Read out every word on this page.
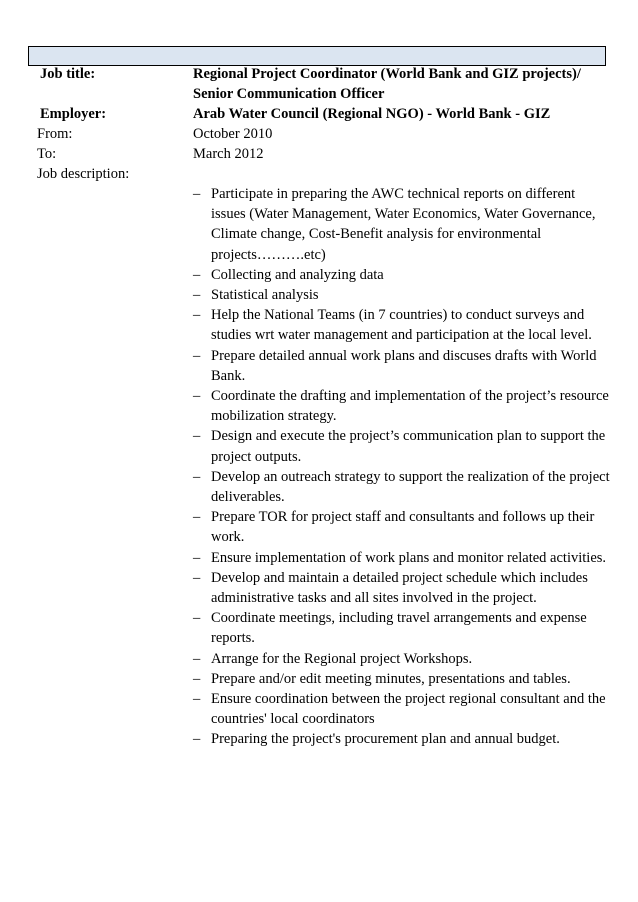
Job title:	Regional Project Coordinator (World Bank and GIZ projects)/ Senior Communication Officer
Employer:	Arab Water Council (Regional NGO) - World Bank - GIZ
From:	October 2010
To:	March 2012
Job description:
– Participate in preparing the AWC technical reports on different issues (Water Management, Water Economics, Water Governance, Climate change, Cost-Benefit analysis for environmental projects……….etc)
– Collecting and analyzing data
– Statistical analysis
– Help the National Teams (in 7 countries) to conduct surveys and studies wrt water management and participation at the local level.
– Prepare detailed annual work plans and discuses drafts with World Bank.
– Coordinate the drafting and implementation of the project’s resource mobilization strategy.
– Design and execute the project’s communication plan to support the project outputs.
– Develop an outreach strategy to support the realization of the project deliverables.
– Prepare TOR for project staff and consultants and follows up their work.
– Ensure implementation of work plans and monitor related activities.
– Develop and maintain a detailed project schedule which includes administrative tasks and all sites involved in the project.
– Coordinate meetings, including travel arrangements and expense reports.
– Arrange for the Regional project Workshops.
– Prepare and/or edit meeting minutes, presentations and tables.
– Ensure coordination between the project regional consultant and the countries' local coordinators
– Preparing the project's procurement plan and annual budget.
